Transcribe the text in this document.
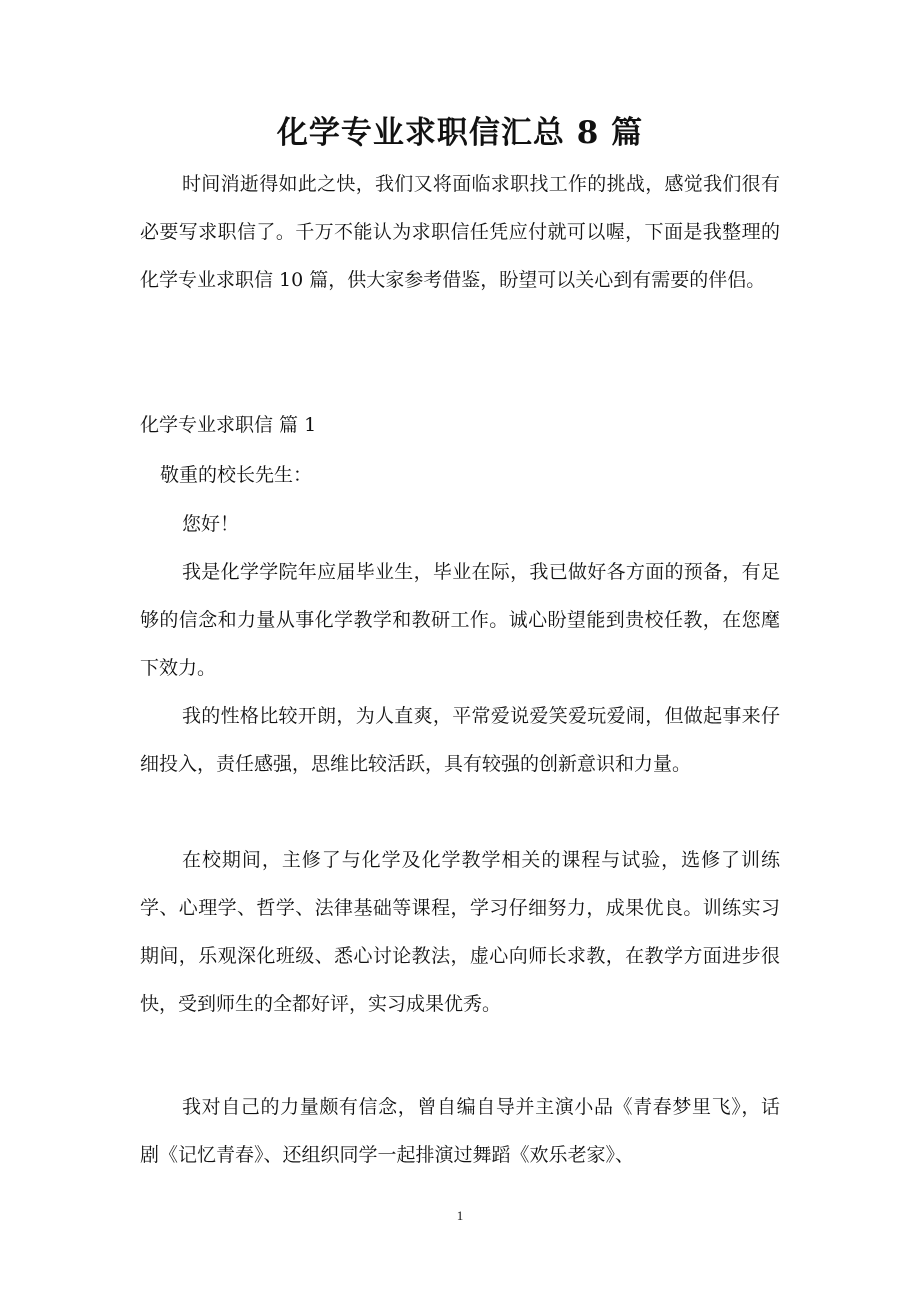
化学专业求职信汇总 8 篇

时间消逝得如此之快，我们又将面临求职找工作的挑战，感觉我们很有必要写求职信了。千万不能认为求职信任凭应付就可以喔，下面是我整理的化学专业求职信 10 篇，供大家参考借鉴，盼望可以关心到有需要的伴侣。

化学专业求职信 篇 1
敬重的校长先生：
您好！

我是化学学院年应届毕业生，毕业在际，我已做好各方面的预备，有足够的信念和力量从事化学教学和教研工作。诚心盼望能到贵校任教，在您麾下效力。

我的性格比较开朗，为人直爽，平常爱说爱笑爱玩爱闹，但做起事来仔细投入，责任感强，思维比较活跃，具有较强的创新意识和力量。

在校期间，主修了与化学及化学教学相关的课程与试验，选修了训练学、心理学、哲学、法律基础等课程，学习仔细努力，成果优良。训练实习期间，乐观深化班级、悉心讨论教法，虚心向师长求教，在教学方面进步很快，受到师生的全都好评，实习成果优秀。

我对自己的力量颇有信念，曾自编自导并主演小品《青春梦里飞》，话剧《记忆青春》、还组织同学一起排演过舞蹈《欢乐老家》、

1
